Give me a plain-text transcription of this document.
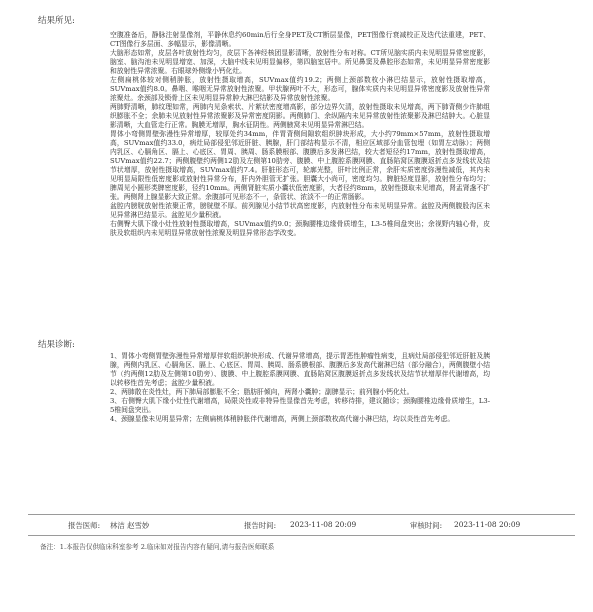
结果所见:

空腹准备后，静脉注射显像剂，平静休息约60min后行全身PET及CT断层显像，PET图像行衰减校正及迭代法重建，PET、CT图像行多层面、多幅显示，影像清晰。

大脑形态如常，皮层各叶放射性均匀，皮层下各神经核团显影清晰，放射性分布对称。CT所见脑实质内未见明显异常密度影，脑室、脑沟池未见明显增宽、加深，大脑中线未见明显偏移，第四脑室居中。所见鼻窦及鼻腔形态如常，未见明显异常密度影和放射性异常浓聚。右眼球外侧缘小钙化灶。

左侧扁桃体较对侧稍肿胀，放射性摄取增高，SUVmax值约19.2；两侧上颈部数枚小淋巴结显示，放射性摄取增高，SUVmax值约8.0。鼻咽、喉咽无异常放射性浓聚。甲状腺两叶不大，形态可，腺体实质内未见明显异常密度影及放射性异常浓聚灶。余颈部及锁骨上区未见明显异常肿大淋巴结影及异常放射性浓聚。

两肺野清晰，肺纹理如常，两肺内见条索状、片絮状密度增高影，部分边界欠清，放射性摄取未见增高，两下肺背侧少许肺组织膨胀不全；余肺未见放射性异常浓聚影及异常密度阴影。两侧肺门、余纵隔内未见异常放射性浓聚影及淋巴结肿大。心脏显影清晰，大血管走行正常。胸膜无增厚，胸水征阴性。两侧腋窝未见明显异常淋巴结。

胃体小弯侧胃壁弥漫性异常增厚，较厚处约34mm，伴胃背侧间隙软组织肿块形成，大小约79mm×57mm，放射性摄取增高，SUVmax值约33.0，病灶局部侵犯邻近肝脏、胰腺，肝门部结构显示不清，相应区域部分血管包埋（如胃左动脉）；两侧内乳区、心膈角区、膈上、心底区、胃周、胰周、肠系膜根部、腹膜后多发淋巴结，较大者短径约17mm，放射性摄取增高，SUVmax值约22.7；两侧腹壁约两侧12肋及左侧第10肋旁、腹膜、中上腹腔系膜网膜、直肠陷窝区腹膜返折点多发线状及结节状增厚，放射性摄取增高，SUVmax值约7.4。肝脏形态可，轮廓光整，肝叶比例正常，余肝实质密度弥漫性减低，其内未见明显局限性低密度影或放射性异常分布，肝内外胆管无扩张。胆囊大小尚可，密度均匀。脾脏轻度显影，放射性分布均匀；脾周见小圆形类脾密度影，径约10mm。两侧肾脏实质小囊状低密度影，大者径约8mm，放射性摄取未见增高，肾盂肾盏不扩张。两侧肾上腺显影大致正常。余腹部可见形态不一，条管状、浓淡不一的正常肠影。

盆腔内膀胱放射性浓聚正常，膀胱壁不厚。前列腺见小结节状高密度影，内放射性分布未见明显异常。盆腔及两侧腹股沟区未见异常淋巴结显示。盆腔见少量积液。

右侧臀大肌下缘小灶性放射性摄取增高，SUVmax值约9.0；颈胸腰椎边缘骨质增生，L3-5椎间盘突出；余视野内轴心骨，皮肤及软组织内未见明显异常放射性浓聚及明显异常形态学改变。

结果诊断:

1、胃体小弯侧胃壁弥漫性异常增厚伴软组织肿块形成、代谢异常增高，提示胃恶性肿瘤性病变，且病灶局部侵犯邻近肝脏及胰腺，两侧内乳区、心膈角区、膈上、心底区、胃周、胰周、肠系膜根部、腹膜后多发高代谢淋巴结（部分融合），两侧腹壁小结节（约两侧12肋及左侧第10肋旁）、腹膜、中上腹腔系膜网膜、直肠陷窝区腹膜返折点多发线状及结节状增厚伴代谢增高，均以转移性首先考虑；盆腔少量积液。

2、两肺散在炎性灶，两下肺局部膨胀不全；脂肪肝倾向，两肾小囊肿；副脾显示；前列腺小钙化灶。

3、右侧臀大肌下缘小灶性代谢增高，局限炎性或非特异性显像首先考虑，转移待排，建议随诊；颈胸腰椎边缘骨质增生，L3-5椎间盘突出。

4、颈腺显像未见明显异常；左侧扁桃体稍肿胀伴代谢增高，两侧上颈部数枚高代谢小淋巴结，均以炎性首先考虑。

报告医师: 林洁 赵雪妙	报告时间: 2023-11-08 20:09	审核时间: 2023-11-08 20:09
备注：1.本报告仅供临床科室参考 2.临床如对报告内容有疑问,请与报告医师联系
